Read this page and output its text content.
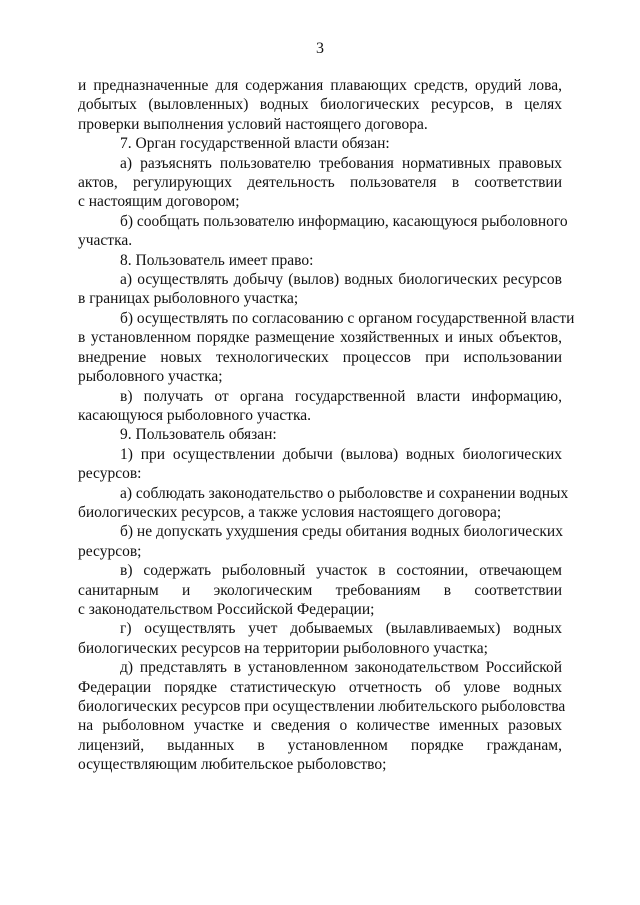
3
и предназначенные для содержания плавающих средств, орудий лова,
добытых (выловленных) водных биологических ресурсов, в целях
проверки выполнения условий настоящего договора.
7. Орган государственной власти обязан:
а) разъяснять пользователю требования нормативных правовых
актов, регулирующих деятельность пользователя в соответствии
с настоящим договором;
б) сообщать пользователю информацию, касающуюся рыболовного
участка.
8. Пользователь имеет право:
а) осуществлять добычу (вылов) водных биологических ресурсов
в границах рыболовного участка;
б) осуществлять по согласованию с органом государственной власти
в установленном порядке размещение хозяйственных и иных объектов,
внедрение новых технологических процессов при использовании
рыболовного участка;
в) получать от органа государственной власти информацию,
касающуюся рыболовного участка.
9. Пользователь обязан:
1) при осуществлении добычи (вылова) водных биологических
ресурсов:
а) соблюдать законодательство о рыболовстве и сохранении водных
биологических ресурсов, а также условия настоящего договора;
б) не допускать ухудшения среды обитания водных биологических
ресурсов;
в) содержать рыболовный участок в состоянии, отвечающем
санитарным и экологическим требованиям в соответствии
с законодательством Российской Федерации;
г) осуществлять учет добываемых (вылавливаемых) водных
биологических ресурсов на территории рыболовного участка;
д) представлять в установленном законодательством Российской
Федерации порядке статистическую отчетность об улове водных
биологических ресурсов при осуществлении любительского рыболовства
на рыболовном участке и сведения о количестве именных разовых
лицензий, выданных в установленном порядке гражданам,
осуществляющим любительское рыболовство;
